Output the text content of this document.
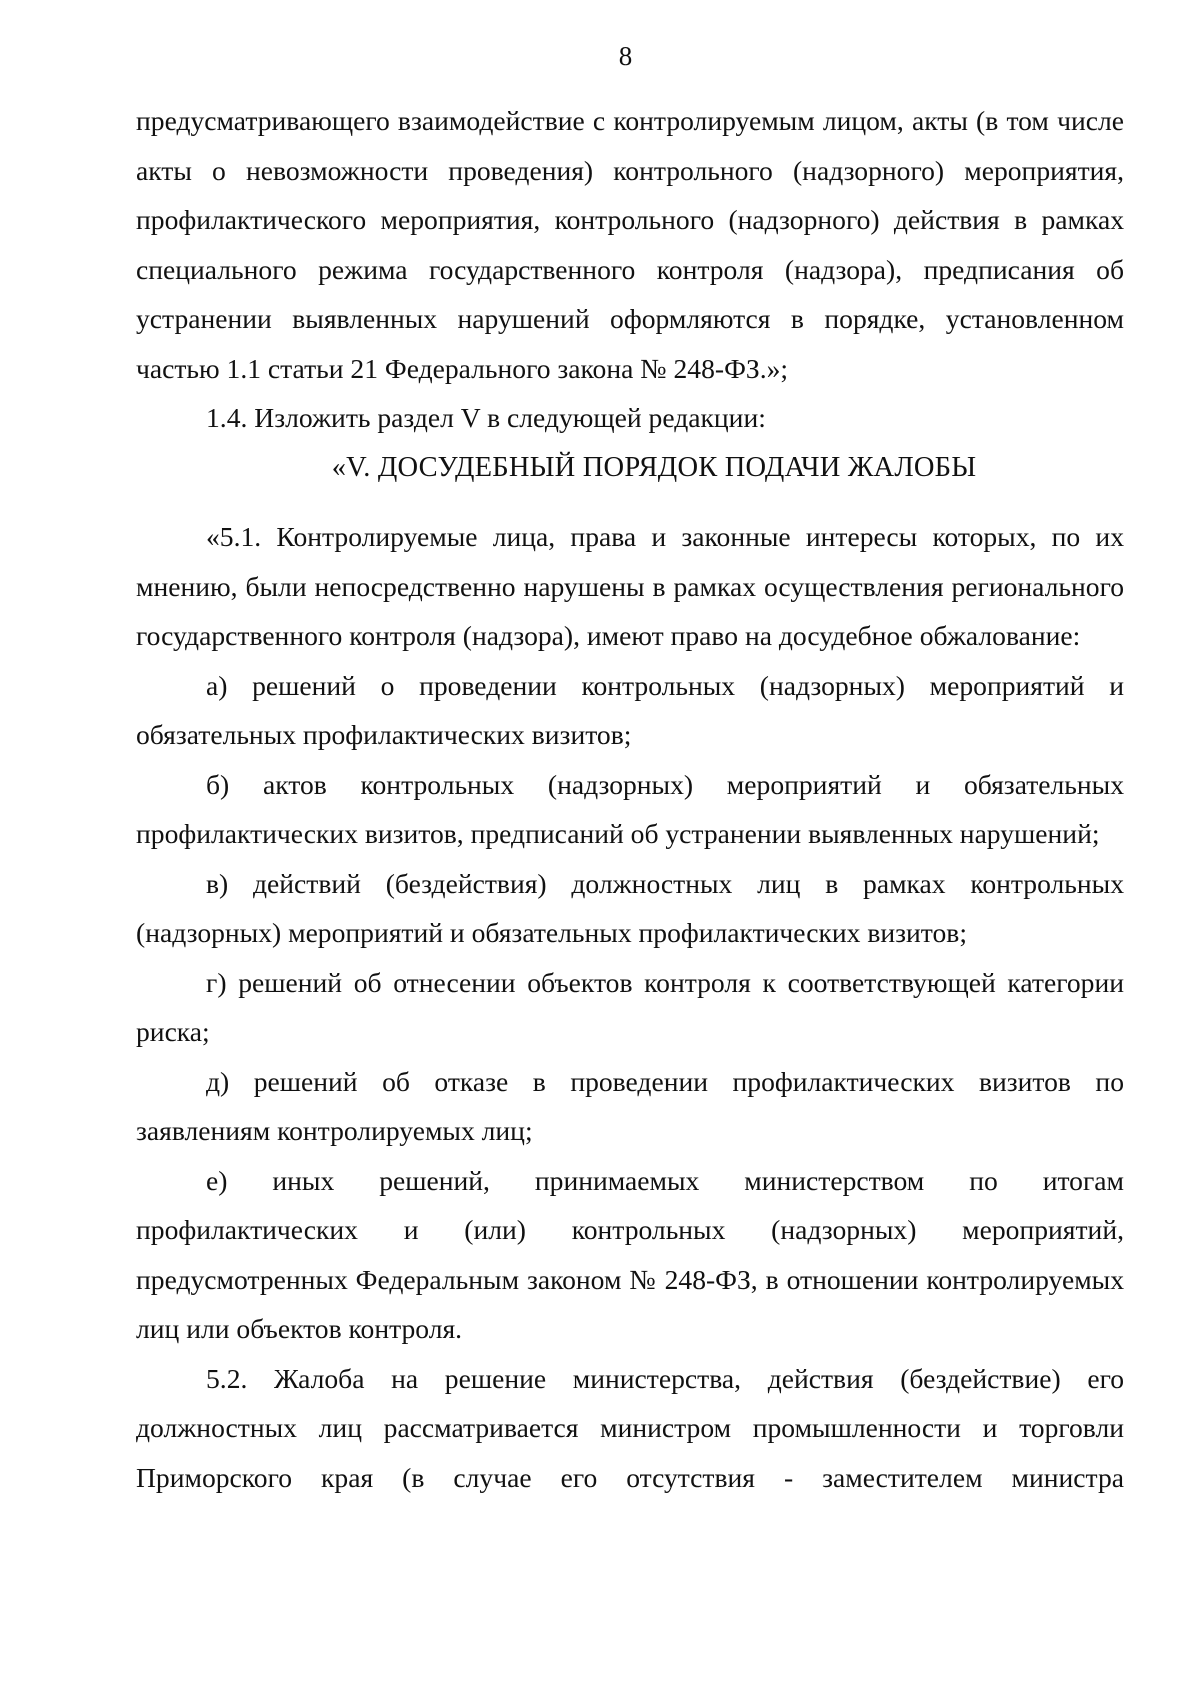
8

предусматривающего взаимодействие с контролируемым лицом, акты (в том числе акты о невозможности проведения) контрольного (надзорного) мероприятия, профилактического мероприятия, контрольного (надзорного) действия в рамках специального режима государственного контроля (надзора), предписания об устранении выявленных нарушений оформляются в порядке, установленном частью 1.1 статьи 21 Федерального закона № 248-ФЗ.»;

1.4. Изложить раздел V в следующей редакции:

«V. ДОСУДЕБНЫЙ ПОРЯДОК ПОДАЧИ ЖАЛОБЫ

«5.1. Контролируемые лица, права и законные интересы которых, по их мнению, были непосредственно нарушены в рамках осуществления регионального государственного контроля (надзора), имеют право на досудебное обжалование:

а) решений о проведении контрольных (надзорных) мероприятий и обязательных профилактических визитов;

б) актов контрольных (надзорных) мероприятий и обязательных профилактических визитов, предписаний об устранении выявленных нарушений;

в) действий (бездействия) должностных лиц в рамках контрольных (надзорных) мероприятий и обязательных профилактических визитов;

г) решений об отнесении объектов контроля к соответствующей категории риска;

д) решений об отказе в проведении профилактических визитов по заявлениям контролируемых лиц;

е) иных решений, принимаемых министерством по итогам профилактических и (или) контрольных (надзорных) мероприятий, предусмотренных Федеральным законом № 248-ФЗ, в отношении контролируемых лиц или объектов контроля.

5.2. Жалоба на решение министерства, действия (бездействие) его должностных лиц рассматривается министром промышленности и торговли Приморского края (в случае его отсутствия - заместителем министра
